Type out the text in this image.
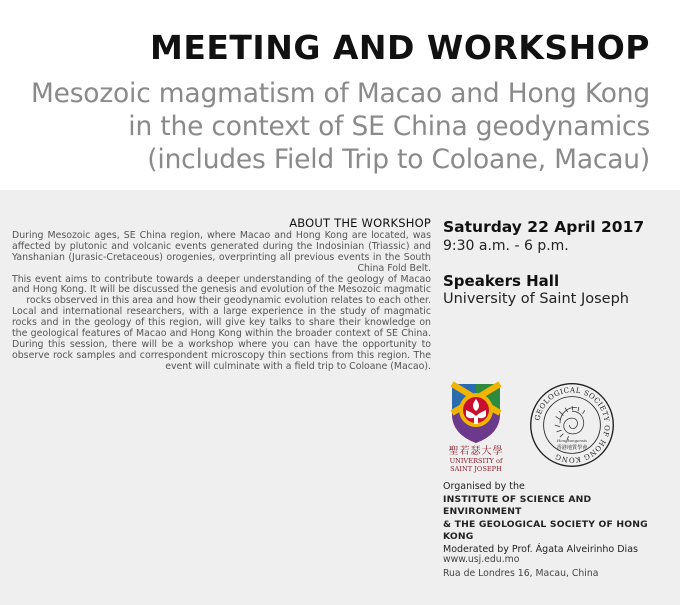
MEETING AND WORKSHOP
Mesozoic magmatism of Macao and Hong Kong
in the context of SE China geodynamics
(includes Field Trip to Coloane, Macau)
ABOUT THE WORKSHOP

During Mesozoic ages, SE China region, where Macao and Hong Kong are located, was affected by plutonic and volcanic events generated during the Indosinian (Triassic) and Yanshanian (Jurasic-Cretaceous) orogenies, overprinting all previous events in the South China Fold Belt.

This event aims to contribute towards a deeper understanding of the geology of Macao and Hong Kong. It will be discussed the genesis and evolution of the Mesozoic magmatic rocks observed in this area and how their geodynamic evolution relates to each other.

Local and international researchers, with a large experience in the study of magmatic rocks and in the geology of this region, will give key talks to share their knowledge on the geological features of Macao and Hong Kong within the broader context of SE China. During this session, there will be a workshop where you can have the opportunity to observe rock samples and correspondent microscopy thin sections from this region. The event will culminate with a field trip to Coloane (Macao).

Saturday 22 April 2017
9:30 a.m. - 6 p.m.
Speakers Hall
University of Saint Joseph
聖若瑟大學
UNIVERSITY of
SAINT JOSEPH
GEOLOGICAL SOCIETY OF HONG KONG
Hongkongensis
香港地質學會
Organised by the
INSTITUTE OF SCIENCE AND ENVIRONMENT
& THE GEOLOGICAL SOCIETY OF HONG KONG
Moderated by Prof. Ágata Alveirinho Dias
www.usj.edu.mo
Rua de Londres 16, Macau, China
